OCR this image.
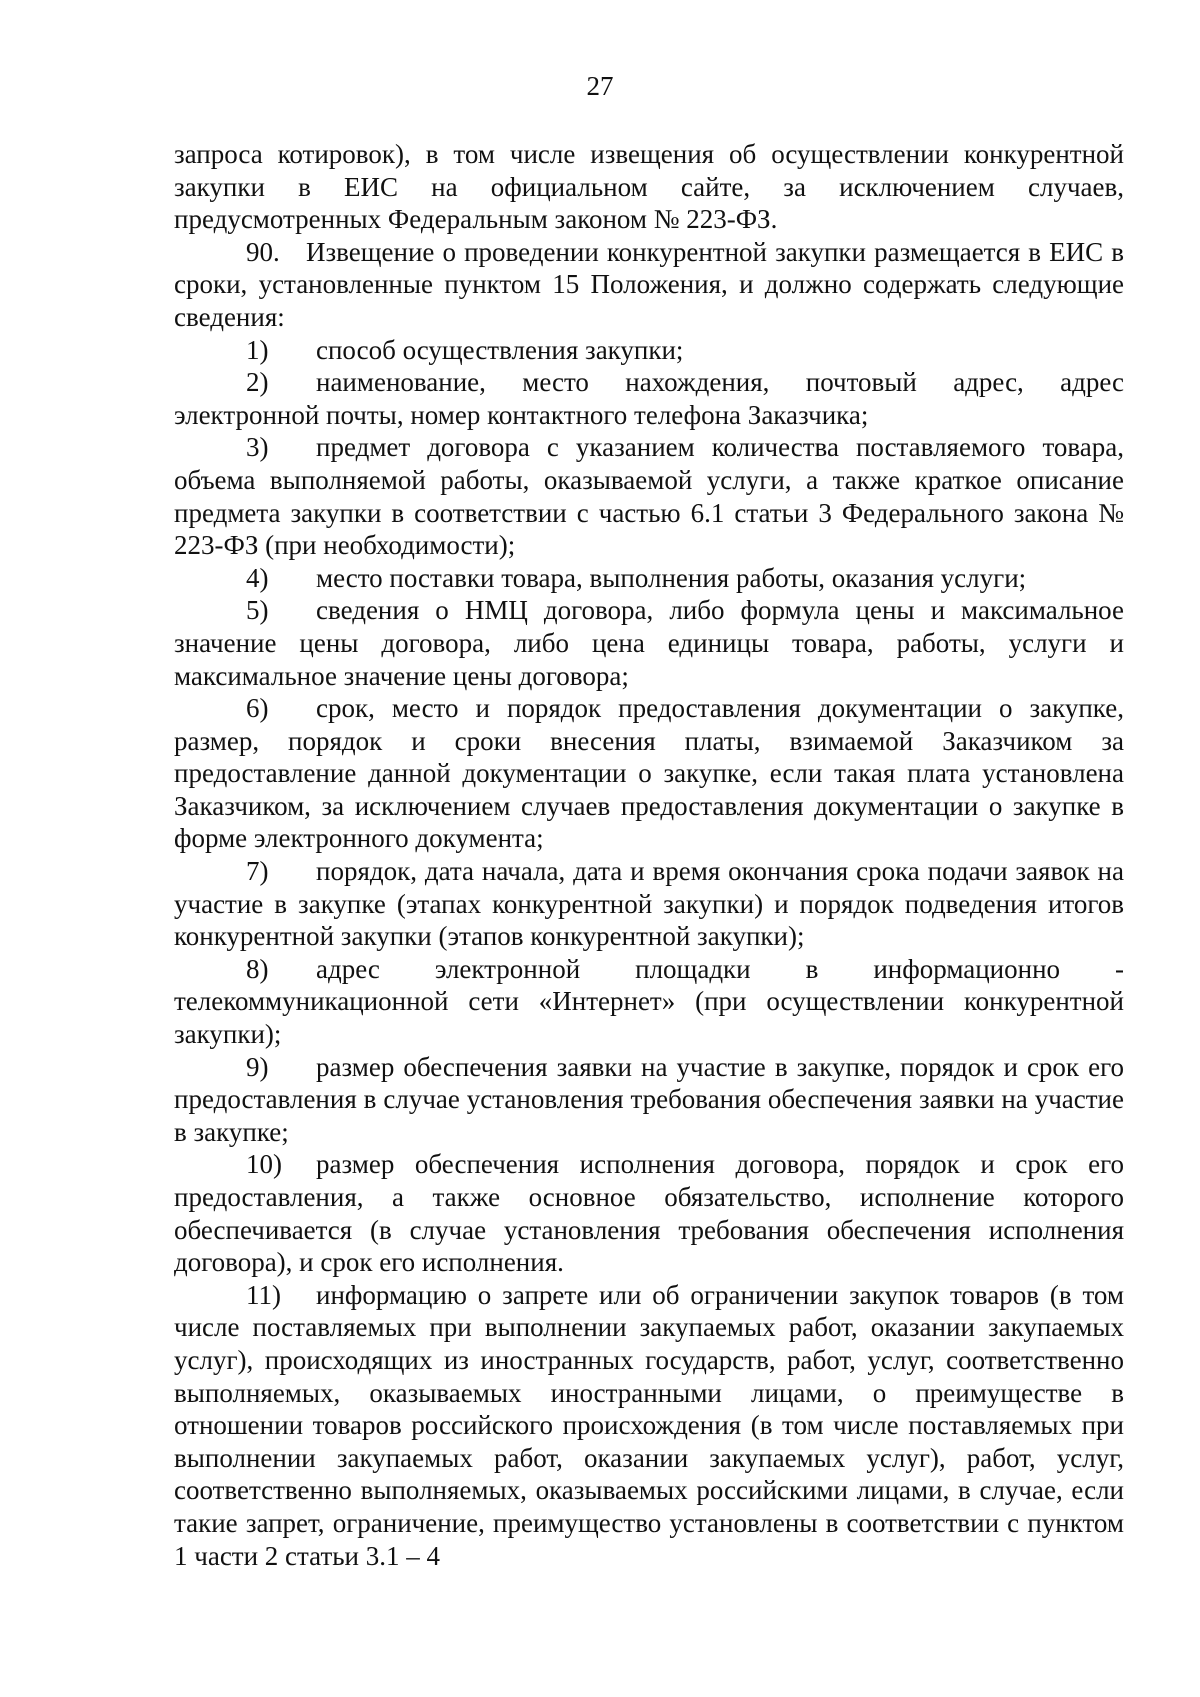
27

запроса котировок), в том числе извещения об осуществлении конкурентной закупки в ЕИС на официальном сайте, за исключением случаев, предусмотренных Федеральным законом № 223-ФЗ.

90. Извещение о проведении конкурентной закупки размещается в ЕИС в сроки, установленные пунктом 15 Положения, и должно содержать следующие сведения:

1) способ осуществления закупки;

2) наименование, место нахождения, почтовый адрес, адрес электронной почты, номер контактного телефона Заказчика;

3) предмет договора с указанием количества поставляемого товара, объема выполняемой работы, оказываемой услуги, а также краткое описание предмета закупки в соответствии с частью 6.1 статьи 3 Федерального закона № 223-ФЗ (при необходимости);

4) место поставки товара, выполнения работы, оказания услуги;

5) сведения о НМЦ договора, либо формула цены и максимальное значение цены договора, либо цена единицы товара, работы, услуги и максимальное значение цены договора;

6) срок, место и порядок предоставления документации о закупке, размер, порядок и сроки внесения платы, взимаемой Заказчиком за предоставление данной документации о закупке, если такая плата установлена Заказчиком, за исключением случаев предоставления документации о закупке в форме электронного документа;

7) порядок, дата начала, дата и время окончания срока подачи заявок на участие в закупке (этапах конкурентной закупки) и порядок подведения итогов конкурентной закупки (этапов конкурентной закупки);

8) адрес электронной площадки в информационно - телекоммуникационной сети «Интернет» (при осуществлении конкурентной закупки);

9) размер обеспечения заявки на участие в закупке, порядок и срок его предоставления в случае установления требования обеспечения заявки на участие в закупке;

10) размер обеспечения исполнения договора, порядок и срок его предоставления, а также основное обязательство, исполнение которого обеспечивается (в случае установления требования обеспечения исполнения договора), и срок его исполнения.

11) информацию о запрете или об ограничении закупок товаров (в том числе поставляемых при выполнении закупаемых работ, оказании закупаемых услуг), происходящих из иностранных государств, работ, услуг, соответственно выполняемых, оказываемых иностранными лицами, о преимуществе в отношении товаров российского происхождения (в том числе поставляемых при выполнении закупаемых работ, оказании закупаемых услуг), работ, услуг, соответственно выполняемых, оказываемых российскими лицами, в случае, если такие запрет, ограничение, преимущество установлены в соответствии с пунктом 1 части 2 статьи 3.1 – 4
